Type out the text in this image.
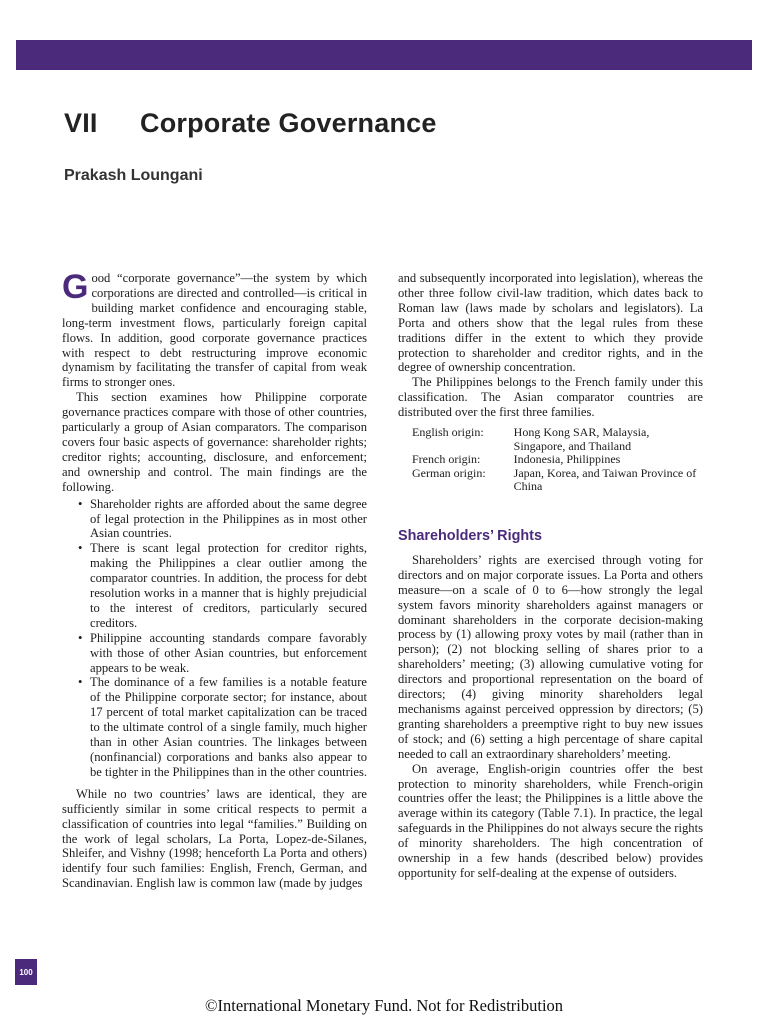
VII Corporate Governance
Prakash Loungani

Good “corporate governance”—the system by which corporations are directed and controlled—is critical in building market confidence and encouraging stable, long-term investment flows, particularly foreign capital flows. In addition, good corporate governance practices with respect to debt restructuring improve economic dynamism by facilitating the transfer of capital from weak firms to stronger ones.

This section examines how Philippine corporate governance practices compare with those of other countries, particularly a group of Asian comparators. The comparison covers four basic aspects of governance: shareholder rights; creditor rights; accounting, disclosure, and enforcement; and ownership and control. The main findings are the following.

• Shareholder rights are afforded about the same degree of legal protection in the Philippines as in most other Asian countries.
• There is scant legal protection for creditor rights, making the Philippines a clear outlier among the comparator countries. In addition, the process for debt resolution works in a manner that is highly prejudicial to the interest of creditors, particularly secured creditors.
• Philippine accounting standards compare favorably with those of other Asian countries, but enforcement appears to be weak.
• The dominance of a few families is a notable feature of the Philippine corporate sector; for instance, about 17 percent of total market capitalization can be traced to the ultimate control of a single family, much higher than in other Asian countries. The linkages between (nonfinancial) corporations and banks also appear to be tighter in the Philippines than in the other countries.

While no two countries’ laws are identical, they are sufficiently similar in some critical respects to permit a classification of countries into legal “families.” Building on the work of legal scholars, La Porta, Lopez-de-Silanes, Shleifer, and Vishny (1998; henceforth La Porta and others) identify four such families: English, French, German, and Scandinavian. English law is common law (made by judges

and subsequently incorporated into legislation), whereas the other three follow civil-law tradition, which dates back to Roman law (laws made by scholars and legislators). La Porta and others show that the legal rules from these traditions differ in the extent to which they provide protection to shareholder and creditor rights, and in the degree of ownership concentration.

The Philippines belongs to the French family under this classification. The Asian comparator countries are distributed over the first three families.

English origin:	Hong Kong SAR, Malaysia, Singapore, and Thailand
French origin:	Indonesia, Philippines
German origin:	Japan, Korea, and Taiwan Province of China
Shareholders’ Rights

Shareholders’ rights are exercised through voting for directors and on major corporate issues. La Porta and others measure—on a scale of 0 to 6—how strongly the legal system favors minority shareholders against managers or dominant shareholders in the corporate decision-making process by (1) allowing proxy votes by mail (rather than in person); (2) not blocking selling of shares prior to a shareholders’ meeting; (3) allowing cumulative voting for directors and proportional representation on the board of directors; (4) giving minority shareholders legal mechanisms against perceived oppression by directors; (5) granting shareholders a preemptive right to buy new issues of stock; and (6) setting a high percentage of share capital needed to call an extraordinary shareholders’ meeting.

On average, English-origin countries offer the best protection to minority shareholders, while French-origin countries offer the least; the Philippines is a little above the average within its category (Table 7.1). In practice, the legal safeguards in the Philippines do not always secure the rights of minority shareholders. The high concentration of ownership in a few hands (described below) provides opportunity for self-dealing at the expense of outsiders.

100
©International Monetary Fund. Not for Redistribution
